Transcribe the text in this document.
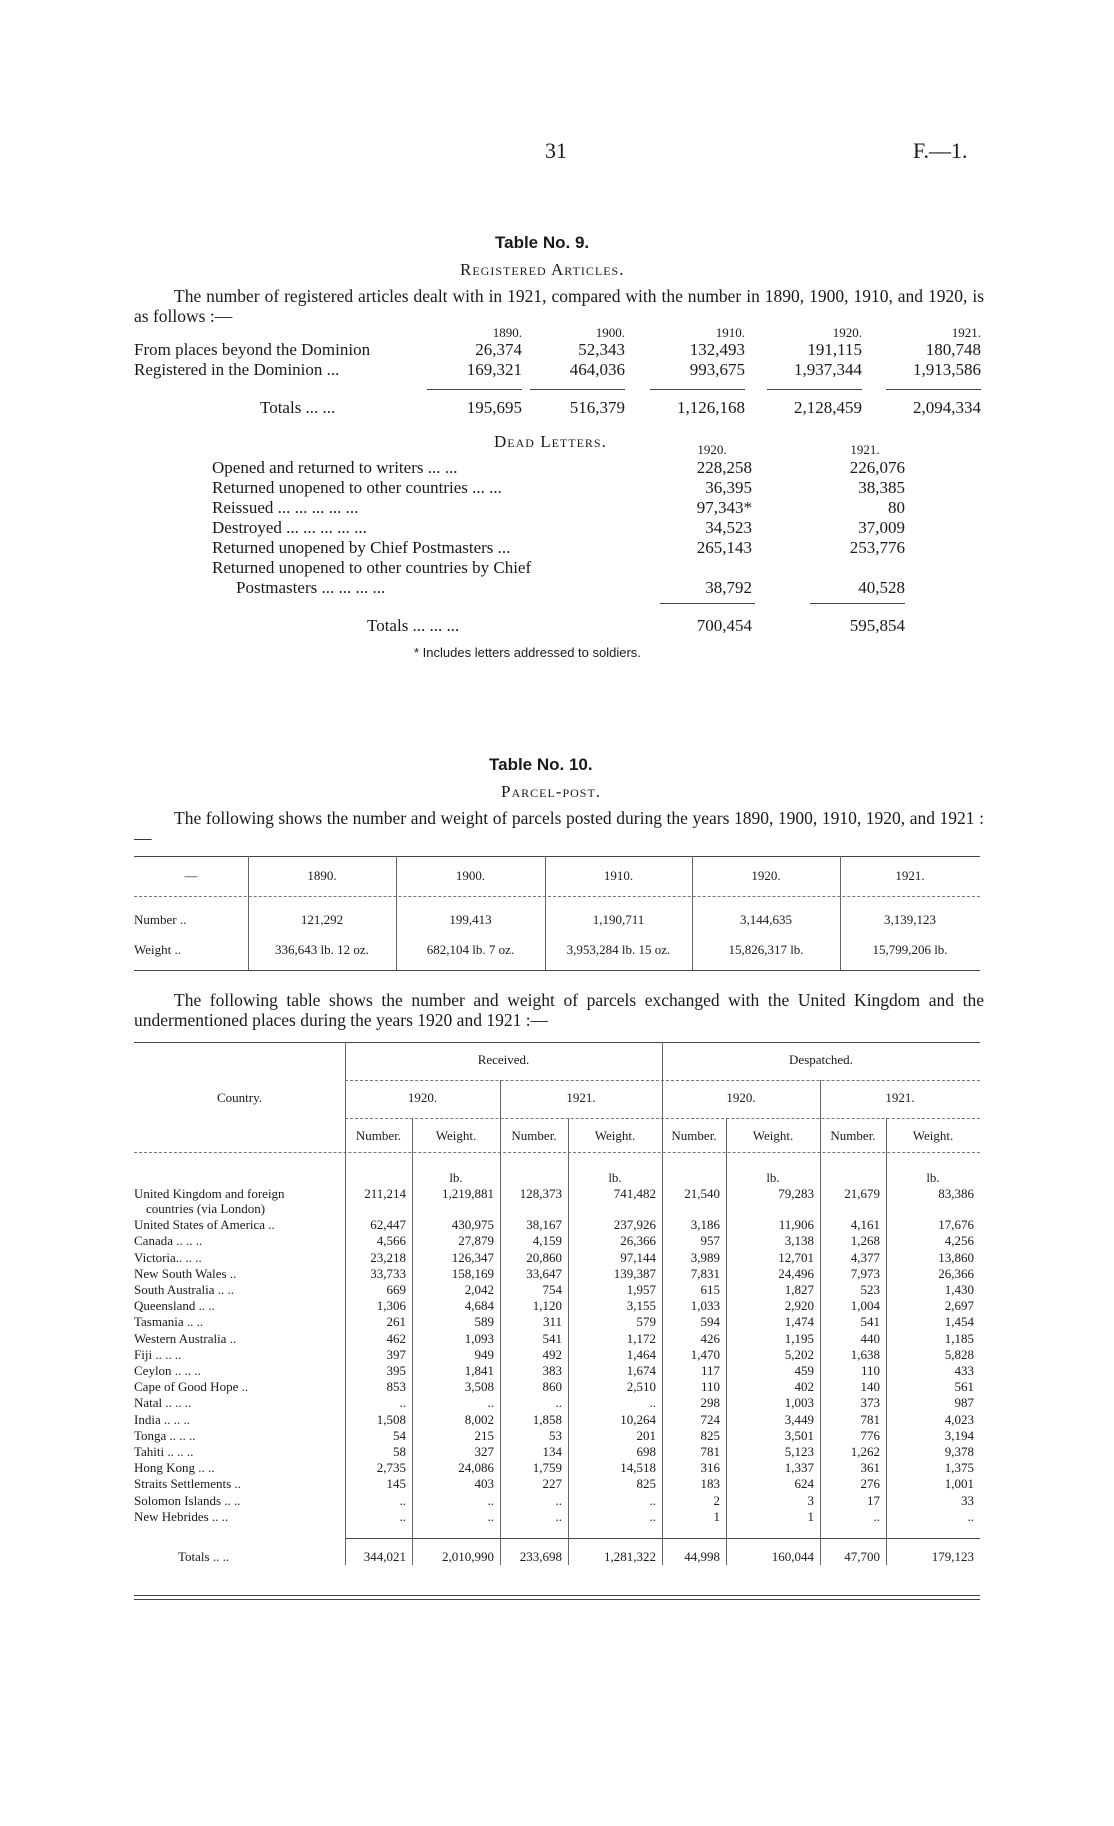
31	F.—1.
Table No. 9.
Registered Articles.
The number of registered articles dealt with in 1921, compared with the number in 1890, 1900, 1910, and 1920, is as follows :—
1890.	1900.	1910.	1920.	1921.
From places beyond the Dominion	26,374	52,343	132,493	191,115	180,748
Registered in the Dominion ...	169,321	464,036	993,675	1,937,344	1,913,586
Totals ... ...	195,695	516,379	1,126,168	2,128,459	2,094,334
Dead Letters.	1920.	1921.
Opened and returned to writers ... ...	228,258	226,076
Returned unopened to other countries ... ...	36,395	38,385
Reissued ... ... ... ... ...	97,343*	80
Destroyed ... ... ... ... ...	34,523	37,009
Returned unopened by Chief Postmasters ...	265,143	253,776
Returned unopened to other countries by Chief
Postmasters ... ... ... ...	38,792	40,528
Totals ... ... ...	700,454	595,854
* Includes letters addressed to soldiers.
Table No. 10.
Parcel-post.
The following shows the number and weight of parcels posted during the years 1890, 1900, 1910, 1920, and 1921 :—
—	1890.	1900.	1910.	1920.	1921.
Number ..	121,292	199,413	1,190,711	3,144,635	3,139,123
Weight ..	336,643 lb. 12 oz.	682,104 lb. 7 oz.	3,953,284 lb. 15 oz.	15,826,317 lb.	15,799,206 lb.
The following table shows the number and weight of parcels exchanged with the United Kingdom and the undermentioned places during the years 1920 and 1921 :—
Country.
Received.	Despatched.
1920.	1921.	1920.	1921.
Number.	Weight.	Number.	Weight.	Number.	Weight.	Number.	Weight.
lb.	lb.	lb.	lb.
United Kingdom and foreign	211,214	1,219,881	128,373	741,482	21,540	79,283	21,679	83,386
countries (via London)
United States of America ..	62,447	430,975	38,167	237,926	3,186	11,906	4,161	17,676
Canada .. .. ..	4,566	27,879	4,159	26,366	957	3,138	1,268	4,256
Victoria.. .. ..	23,218	126,347	20,860	97,144	3,989	12,701	4,377	13,860
New South Wales ..	33,733	158,169	33,647	139,387	7,831	24,496	7,973	26,366
South Australia .. ..	669	2,042	754	1,957	615	1,827	523	1,430
Queensland .. ..	1,306	4,684	1,120	3,155	1,033	2,920	1,004	2,697
Tasmania .. ..	261	589	311	579	594	1,474	541	1,454
Western Australia ..	462	1,093	541	1,172	426	1,195	440	1,185
Fiji .. .. ..	397	949	492	1,464	1,470	5,202	1,638	5,828
Ceylon .. .. ..	395	1,841	383	1,674	117	459	110	433
Cape of Good Hope ..	853	3,508	860	2,510	110	402	140	561
Natal .. .. ..	..	..	..	..	298	1,003	373	987
India .. .. ..	1,508	8,002	1,858	10,264	724	3,449	781	4,023
Tonga .. .. ..	54	215	53	201	825	3,501	776	3,194
Tahiti .. .. ..	58	327	134	698	781	5,123	1,262	9,378
Hong Kong .. ..	2,735	24,086	1,759	14,518	316	1,337	361	1,375
Straits Settlements ..	145	403	227	825	183	624	276	1,001
Solomon Islands .. ..	..	..	..	..	2	3	17	33
New Hebrides .. ..	..	..	..	..	1	1	..	..
Totals .. ..	344,021	2,010,990	233,698	1,281,322	44,998	160,044	47,700	179,123
